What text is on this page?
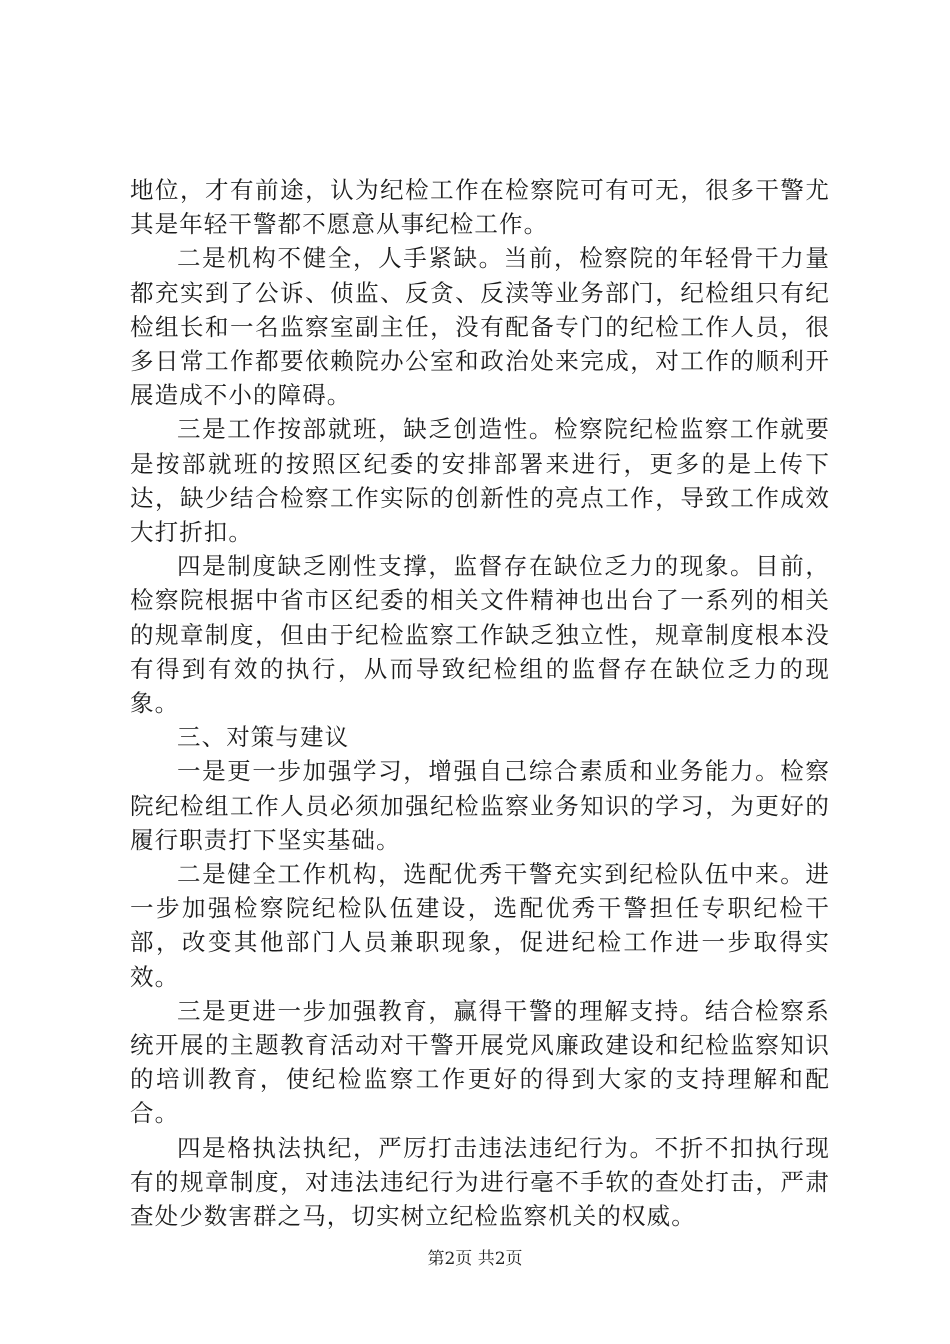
地位，才有前途，认为纪检工作在检察院可有可无，很多干警尤其是年轻干警都不愿意从事纪检工作。

二是机构不健全，人手紧缺。当前，检察院的年轻骨干力量都充实到了公诉、侦监、反贪、反渎等业务部门，纪检组只有纪检组长和一名监察室副主任，没有配备专门的纪检工作人员，很多日常工作都要依赖院办公室和政治处来完成，对工作的顺利开展造成不小的障碍。

三是工作按部就班，缺乏创造性。检察院纪检监察工作就要是按部就班的按照区纪委的安排部署来进行，更多的是上传下达，缺少结合检察工作实际的创新性的亮点工作，导致工作成效大打折扣。

四是制度缺乏刚性支撑，监督存在缺位乏力的现象。目前，检察院根据中省市区纪委的相关文件精神也出台了一系列的相关的规章制度，但由于纪检监察工作缺乏独立性，规章制度根本没有得到有效的执行，从而导致纪检组的监督存在缺位乏力的现象。

三、对策与建议

一是更一步加强学习，增强自己综合素质和业务能力。检察院纪检组工作人员必须加强纪检监察业务知识的学习，为更好的履行职责打下坚实基础。

二是健全工作机构，选配优秀干警充实到纪检队伍中来。进一步加强检察院纪检队伍建设，选配优秀干警担任专职纪检干部，改变其他部门人员兼职现象，促进纪检工作进一步取得实效。

三是更进一步加强教育，赢得干警的理解支持。结合检察系统开展的主题教育活动对干警开展党风廉政建设和纪检监察知识的培训教育，使纪检监察工作更好的得到大家的支持理解和配合。

四是格执法执纪，严厉打击违法违纪行为。不折不扣执行现有的规章制度，对违法违纪行为进行毫不手软的查处打击，严肃查处少数害群之马，切实树立纪检监察机关的权威。

第2页 共2页
